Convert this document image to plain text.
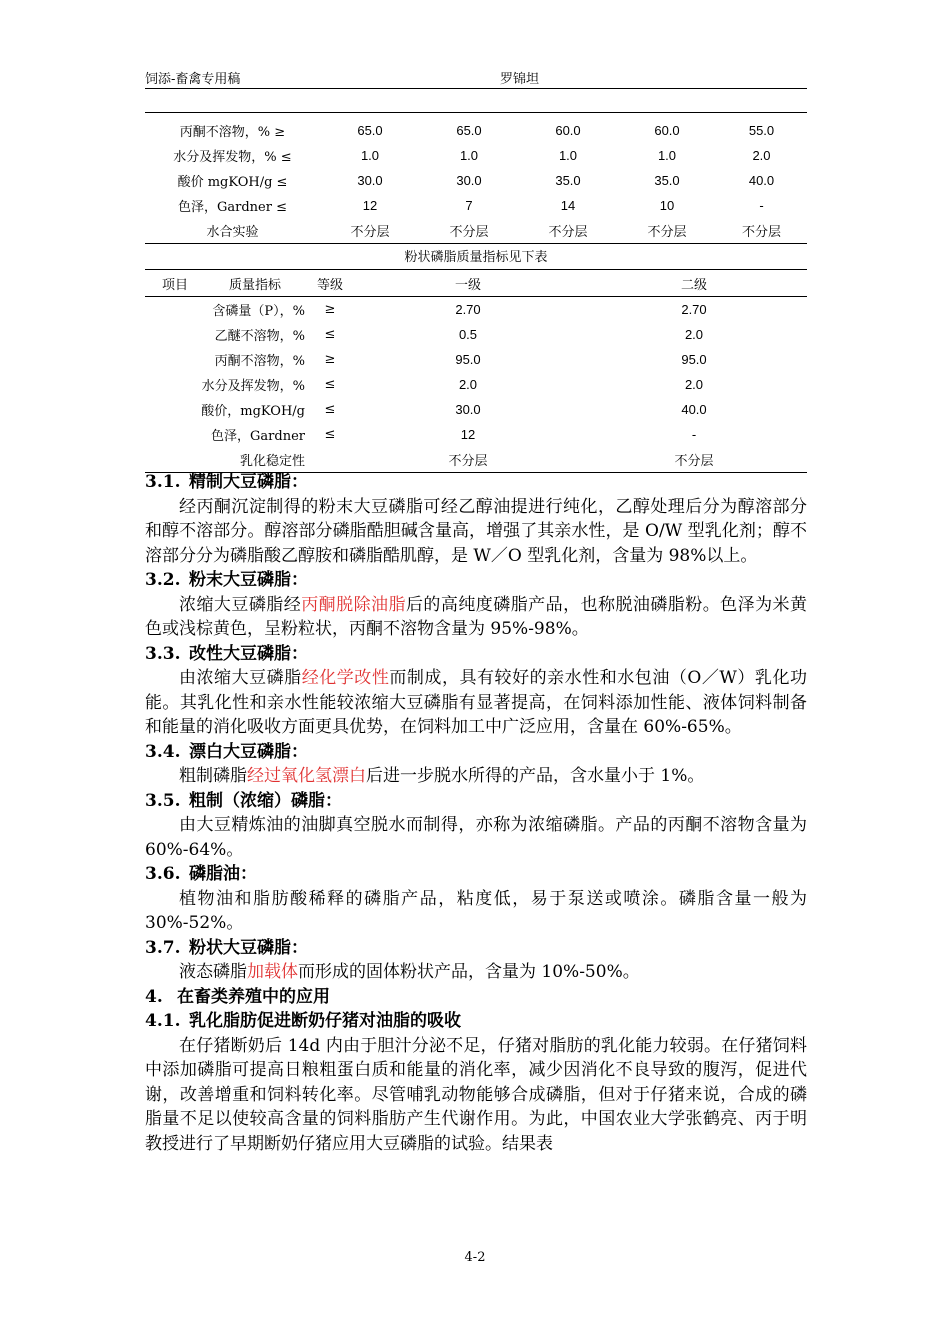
饲添-畜禽专用稿	罗锦坦
丙酮不溶物，% ≥	65.0	65.0	60.0	60.0	55.0
水分及挥发物，% ≤	1.0	1.0	1.0	1.0	2.0
酸价 mgKOH/g ≤	30.0	30.0	35.0	35.0	40.0
色泽，Gardner ≤	12	7	14	10	-
水合实验	不分层	不分层	不分层	不分层	不分层
粉状磷脂质量指标见下表
项目	质量指标	等级	一级	二级
含磷量（P），%		≥	2.70	2.70
乙醚不溶物，%		≤	0.5	2.0
丙酮不溶物，%		≥	95.0	95.0
水分及挥发物，%		≤	2.0	2.0
酸价，mgKOH/g		≤	30.0	40.0
色泽，Gardner		≤	12	-
乳化稳定性			不分层	不分层

3.1. 精制大豆磷脂：

经丙酮沉淀制得的粉末大豆磷脂可经乙醇油提进行纯化，乙醇处理后分为醇溶部分和醇不溶部分。醇溶部分磷脂酷胆碱含量高，增强了其亲水性，是 O/W 型乳化剂；醇不溶部分分为磷脂酸乙醇胺和磷脂酷肌醇，是 W／O 型乳化剂，含量为 98%以上。

3.2. 粉末大豆磷脂：

浓缩大豆磷脂经丙酮脱除油脂后的高纯度磷脂产品，也称脱油磷脂粉。色泽为米黄色或浅棕黄色，呈粉粒状，丙酮不溶物含量为 95%-98%。

3.3. 改性大豆磷脂：

由浓缩大豆磷脂经化学改性而制成，具有较好的亲水性和水包油（O／W）乳化功能。其乳化性和亲水性能较浓缩大豆磷脂有显著提高，在饲料添加性能、液体饲料制备和能量的消化吸收方面更具优势，在饲料加工中广泛应用，含量在 60%-65%。

3.4. 漂白大豆磷脂：

粗制磷脂经过氧化氢漂白后进一步脱水所得的产品，含水量小于 1%。

3.5. 粗制（浓缩）磷脂：

由大豆精炼油的油脚真空脱水而制得，亦称为浓缩磷脂。产品的丙酮不溶物含量为 60%-64%。

3.6. 磷脂油：

植物油和脂肪酸稀释的磷脂产品，粘度低，易于泵送或喷涂。磷脂含量一般为 30%-52%。

3.7. 粉状大豆磷脂：

液态磷脂加载体而形成的固体粉状产品，含量为 10%-50%。

4. 在畜类养殖中的应用

4.1. 乳化脂肪促进断奶仔猪对油脂的吸收

在仔猪断奶后 14d 内由于胆汁分泌不足，仔猪对脂肪的乳化能力较弱。在仔猪饲料中添加磷脂可提高日粮粗蛋白质和能量的消化率，减少因消化不良导致的腹泻，促进代谢，改善增重和饲料转化率。尽管哺乳动物能够合成磷脂，但对于仔猪来说，合成的磷脂量不足以使较高含量的饲料脂肪产生代谢作用。为此，中国农业大学张鹤亮、丙于明教授进行了早期断奶仔猪应用大豆磷脂的试验。结果表

4-2
